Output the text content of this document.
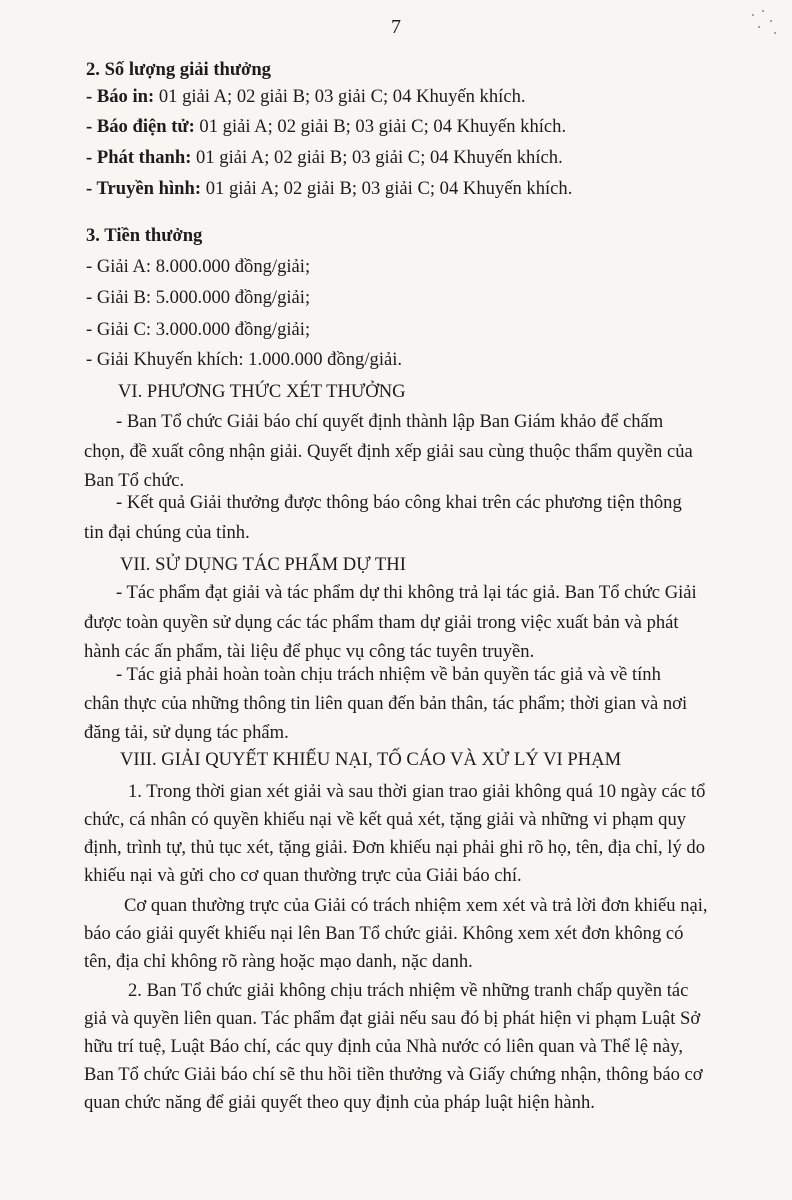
7
2. Số lượng giải thưởng
- Báo in: 01 giải A; 02 giải B; 03 giải C; 04 Khuyến khích.
- Báo điện tử: 01 giải A; 02 giải B; 03 giải C; 04 Khuyến khích.
- Phát thanh: 01 giải A; 02 giải B; 03 giải C; 04 Khuyến khích.
- Truyền hình: 01 giải A; 02 giải B; 03 giải C; 04 Khuyến khích.
3. Tiền thưởng
- Giải A: 8.000.000 đồng/giải;
- Giải B: 5.000.000 đồng/giải;
- Giải C: 3.000.000 đồng/giải;
- Giải Khuyến khích: 1.000.000 đồng/giải.
VI. PHƯƠNG THỨC XÉT THƯỞNG
- Ban Tổ chức Giải báo chí quyết định thành lập Ban Giám khảo để chấm
chọn, đề xuất công nhận giải. Quyết định xếp giải sau cùng thuộc thẩm quyền của
Ban Tổ chức.
- Kết quả Giải thưởng được thông báo công khai trên các phương tiện thông
tin đại chúng của tỉnh.
VII. SỬ DỤNG TÁC PHẨM DỰ THI
- Tác phẩm đạt giải và tác phẩm dự thi không trả lại tác giả. Ban Tổ chức Giải
được toàn quyền sử dụng các tác phẩm tham dự giải trong việc xuất bản và phát
hành các ấn phẩm, tài liệu để phục vụ công tác tuyên truyền.
- Tác giả phải hoàn toàn chịu trách nhiệm về bản quyền tác giả và về tính
chân thực của những thông tin liên quan đến bản thân, tác phẩm; thời gian và nơi
đăng tải, sử dụng tác phẩm.
VIII. GIẢI QUYẾT KHIẾU NẠI, TỐ CÁO VÀ XỬ LÝ VI PHẠM
1. Trong thời gian xét giải và sau thời gian trao giải không quá 10 ngày các tổ
chức, cá nhân có quyền khiếu nại về kết quả xét, tặng giải và những vi phạm quy
định, trình tự, thủ tục xét, tặng giải. Đơn khiếu nại phải ghi rõ họ, tên, địa chỉ, lý do
khiếu nại và gửi cho cơ quan thường trực của Giải báo chí.
Cơ quan thường trực của Giải có trách nhiệm xem xét và trả lời đơn khiếu nại,
báo cáo giải quyết khiếu nại lên Ban Tổ chức giải. Không xem xét đơn không có
tên, địa chỉ không rõ ràng hoặc mạo danh, nặc danh.
2. Ban Tổ chức giải không chịu trách nhiệm về những tranh chấp quyền tác
giả và quyền liên quan. Tác phẩm đạt giải nếu sau đó bị phát hiện vi phạm Luật Sở
hữu trí tuệ, Luật Báo chí, các quy định của Nhà nước có liên quan và Thể lệ này,
Ban Tổ chức Giải báo chí sẽ thu hồi tiền thưởng và Giấy chứng nhận, thông báo cơ
quan chức năng để giải quyết theo quy định của pháp luật hiện hành.
